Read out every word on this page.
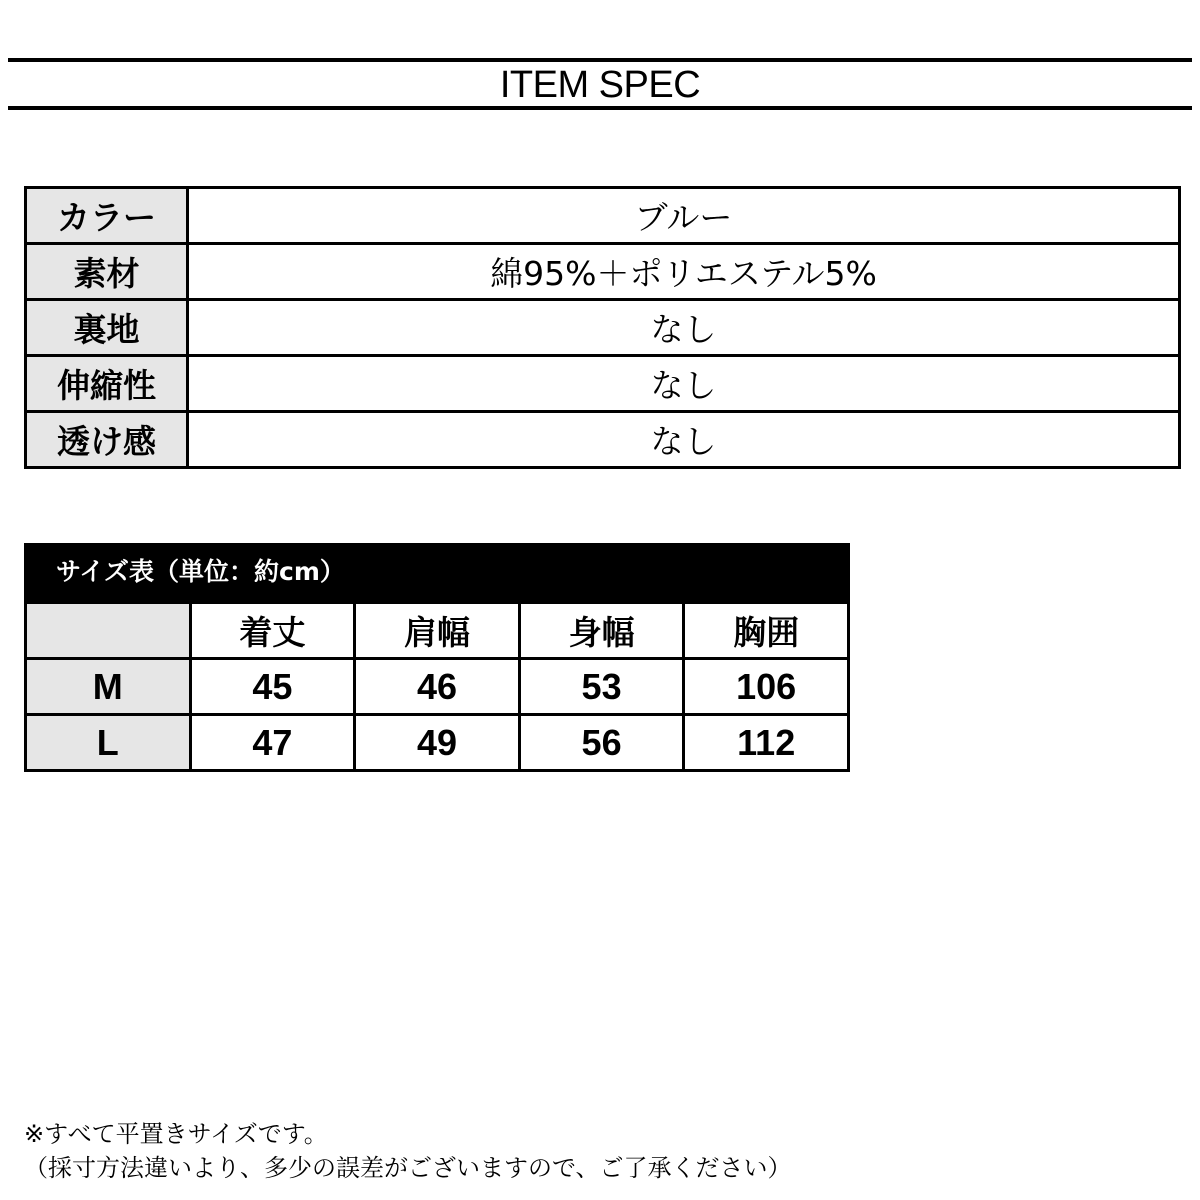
ITEM SPEC
カラー	ブルー
素材	綿95%＋ポリエステル5%
裏地	なし
伸縮性	なし
透け感	なし
サイズ表（単位：約cm）
	着丈	肩幅	身幅	胸囲
M	45	46	53	106
L	47	49	56	112
※すべて平置きサイズです。
（採寸方法違いより、多少の誤差がございますので、ご了承ください）
